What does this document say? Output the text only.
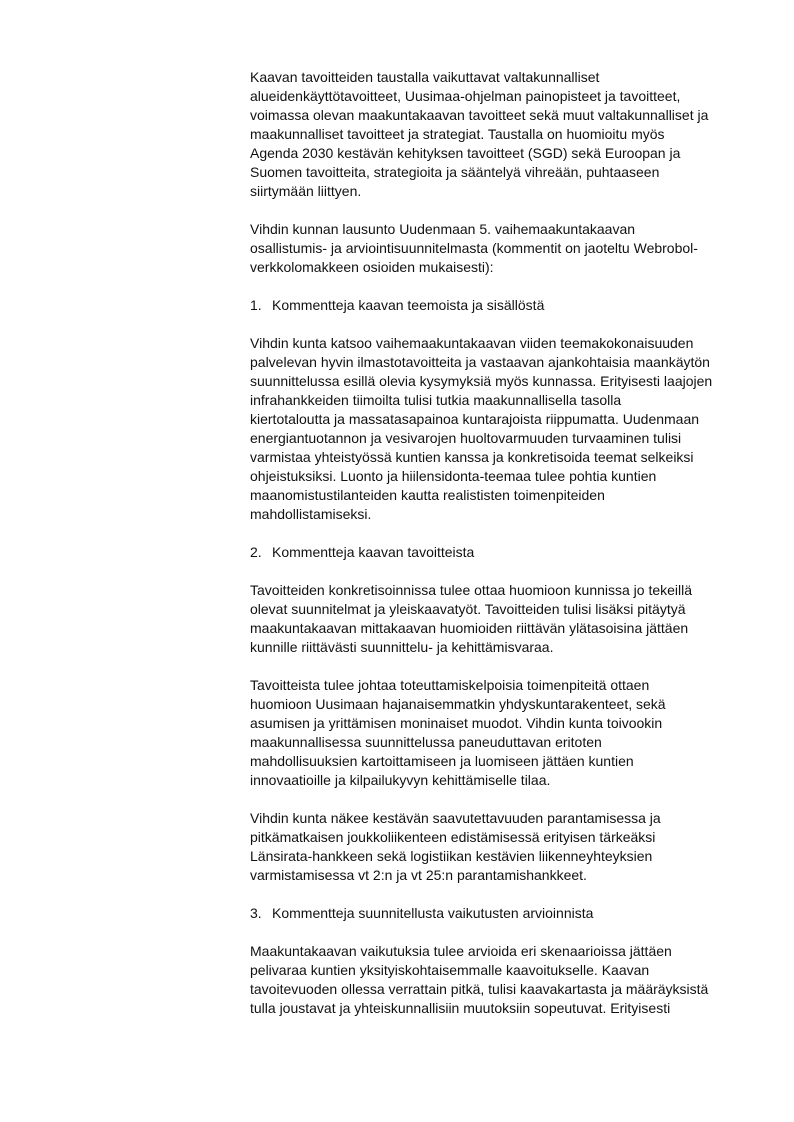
Kaavan tavoitteiden taustalla vaikuttavat valtakunnalliset
alueidenkäyttötavoitteet, Uusimaa-ohjelman painopisteet ja tavoitteet,
voimassa olevan maakuntakaavan tavoitteet sekä muut valtakunnalliset ja
maakunnalliset tavoitteet ja strategiat. Taustalla on huomioitu myös
Agenda 2030 kestävän kehityksen tavoitteet (SGD) sekä Euroopan ja
Suomen tavoitteita, strategioita ja sääntelyä vihreään, puhtaaseen
siirtymään liittyen.
Vihdin kunnan lausunto Uudenmaan 5. vaihemaakuntakaavan
osallistumis- ja arviointisuunnitelmasta (kommentit on jaoteltu Webrobol-
verkkolomakkeen osioiden mukaisesti):
1. Kommentteja kaavan teemoista ja sisällöstä
Vihdin kunta katsoo vaihemaakuntakaavan viiden teemakokonaisuuden
palvelevan hyvin ilmastotavoitteita ja vastaavan ajankohtaisia maankäytön
suunnittelussa esillä olevia kysymyksiä myös kunnassa. Erityisesti laajojen
infrahankkeiden tiimoilta tulisi tutkia maakunnallisella tasolla
kiertotaloutta ja massatasapainoa kuntarajoista riippumatta. Uudenmaan
energiantuotannon ja vesivarojen huoltovarmuuden turvaaminen tulisi
varmistaa yhteistyössä kuntien kanssa ja konkretisoida teemat selkeiksi
ohjeistuksiksi. Luonto ja hiilensidonta-teemaa tulee pohtia kuntien
maanomistustilanteiden kautta realististen toimenpiteiden
mahdollistamiseksi.
2. Kommentteja kaavan tavoitteista
Tavoitteiden konkretisoinnissa tulee ottaa huomioon kunnissa jo tekeillä
olevat suunnitelmat ja yleiskaavatyöt. Tavoitteiden tulisi lisäksi pitäytyä
maakuntakaavan mittakaavan huomioiden riittävän ylätasoisina jättäen
kunnille riittävästi suunnittelu- ja kehittämisvaraa.
Tavoitteista tulee johtaa toteuttamiskelpoisia toimenpiteitä ottaen
huomioon Uusimaan hajanaisemmatkin yhdyskuntarakenteet, sekä
asumisen ja yrittämisen moninaiset muodot. Vihdin kunta toivookin
maakunnallisessa suunnittelussa paneuduttavan eritoten
mahdollisuuksien kartoittamiseen ja luomiseen jättäen kuntien
innovaatioille ja kilpailukyvyn kehittämiselle tilaa.
Vihdin kunta näkee kestävän saavutettavuuden parantamisessa ja
pitkämatkaisen joukkoliikenteen edistämisessä erityisen tärkeäksi
Länsirata-hankkeen sekä logistiikan kestävien liikenneyhteyksien
varmistamisessa vt 2:n ja vt 25:n parantamishankkeet.
3. Kommentteja suunnitellusta vaikutusten arvioinnista
Maakuntakaavan vaikutuksia tulee arvioida eri skenaarioissa jättäen
pelivaraa kuntien yksityiskohtaisemmalle kaavoitukselle. Kaavan
tavoitevuoden ollessa verrattain pitkä, tulisi kaavakartasta ja määräyksistä
tulla joustavat ja yhteiskunnallisiin muutoksiin sopeutuvat. Erityisesti
